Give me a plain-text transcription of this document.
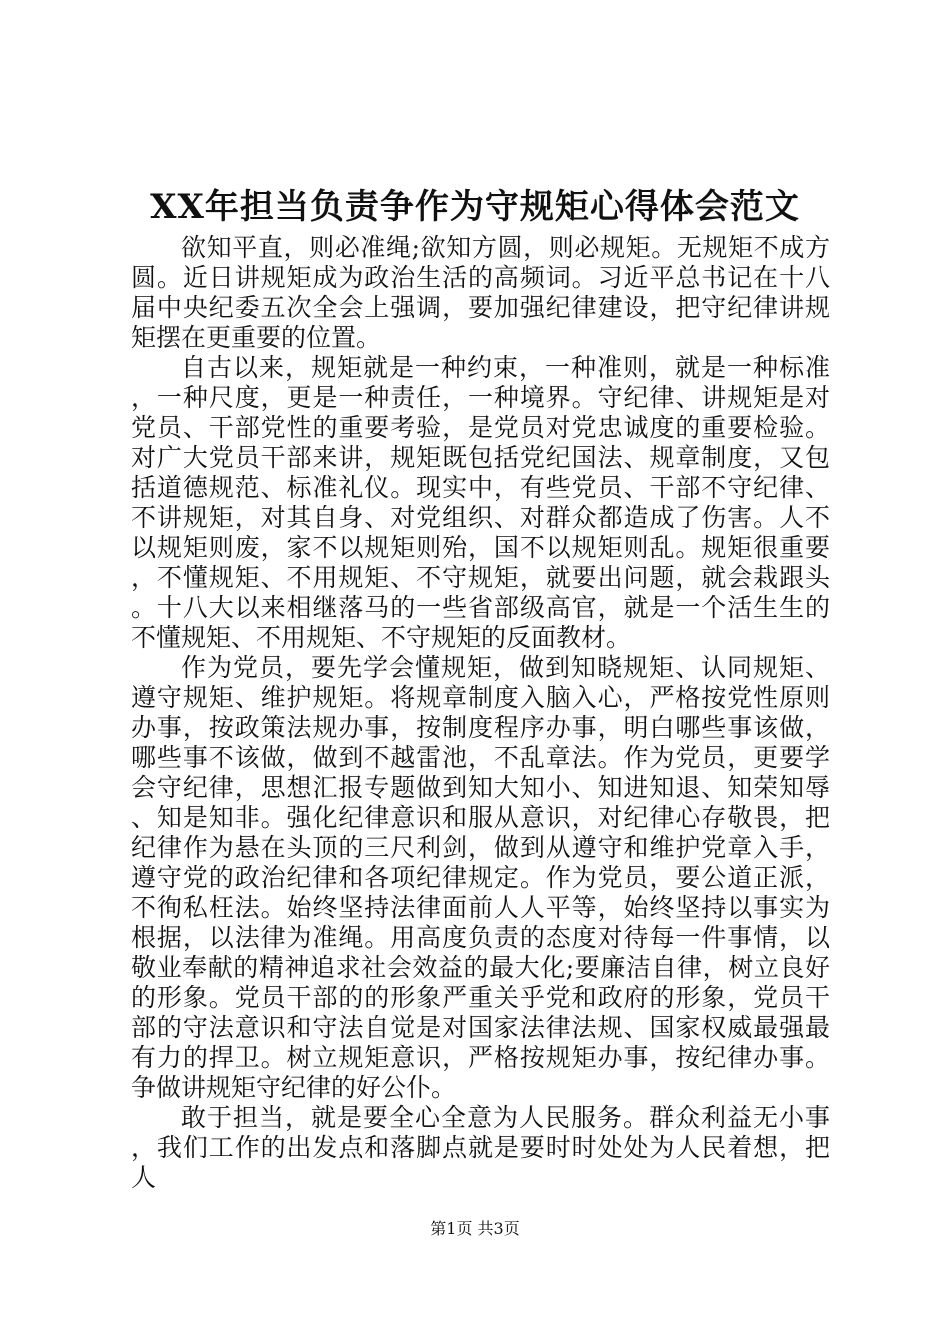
XX年担当负责争作为守规矩心得体会范文

欲知平直，则必准绳;欲知方圆，则必规矩。无规矩不成方圆。近日讲规矩成为政治生活的高频词。习近平总书记在十八届中央纪委五次全会上强调，要加强纪律建设，把守纪律讲规矩摆在更重要的位置。

自古以来，规矩就是一种约束，一种准则，就是一种标准，一种尺度，更是一种责任，一种境界。守纪律、讲规矩是对党员、干部党性的重要考验，是党员对党忠诚度的重要检验。对广大党员干部来讲，规矩既包括党纪国法、规章制度，又包括道德规范、标准礼仪。现实中，有些党员、干部不守纪律、不讲规矩，对其自身、对党组织、对群众都造成了伤害。人不以规矩则废，家不以规矩则殆，国不以规矩则乱。规矩很重要，不懂规矩、不用规矩、不守规矩，就要出问题，就会栽跟头。十八大以来相继落马的一些省部级高官，就是一个活生生的不懂规矩、不用规矩、不守规矩的反面教材。

作为党员，要先学会懂规矩，做到知晓规矩、认同规矩、遵守规矩、维护规矩。将规章制度入脑入心，严格按党性原则办事，按政策法规办事，按制度程序办事，明白哪些事该做，哪些事不该做，做到不越雷池，不乱章法。作为党员，更要学会守纪律，思想汇报专题做到知大知小、知进知退、知荣知辱、知是知非。强化纪律意识和服从意识，对纪律心存敬畏，把纪律作为悬在头顶的三尺利剑，做到从遵守和维护党章入手，遵守党的政治纪律和各项纪律规定。作为党员，要公道正派，不徇私枉法。始终坚持法律面前人人平等，始终坚持以事实为根据，以法律为准绳。用高度负责的态度对待每一件事情，以敬业奉献的精神追求社会效益的最大化;要廉洁自律，树立良好的形象。党员干部的的形象严重关乎党和政府的形象，党员干部的守法意识和守法自觉是对国家法律法规、国家权威最强最有力的捍卫。树立规矩意识，严格按规矩办事，按纪律办事。争做讲规矩守纪律的好公仆。

敢于担当，就是要全心全意为人民服务。群众利益无小事，我们工作的出发点和落脚点就是要时时处处为人民着想，把人

第1页 共3页
